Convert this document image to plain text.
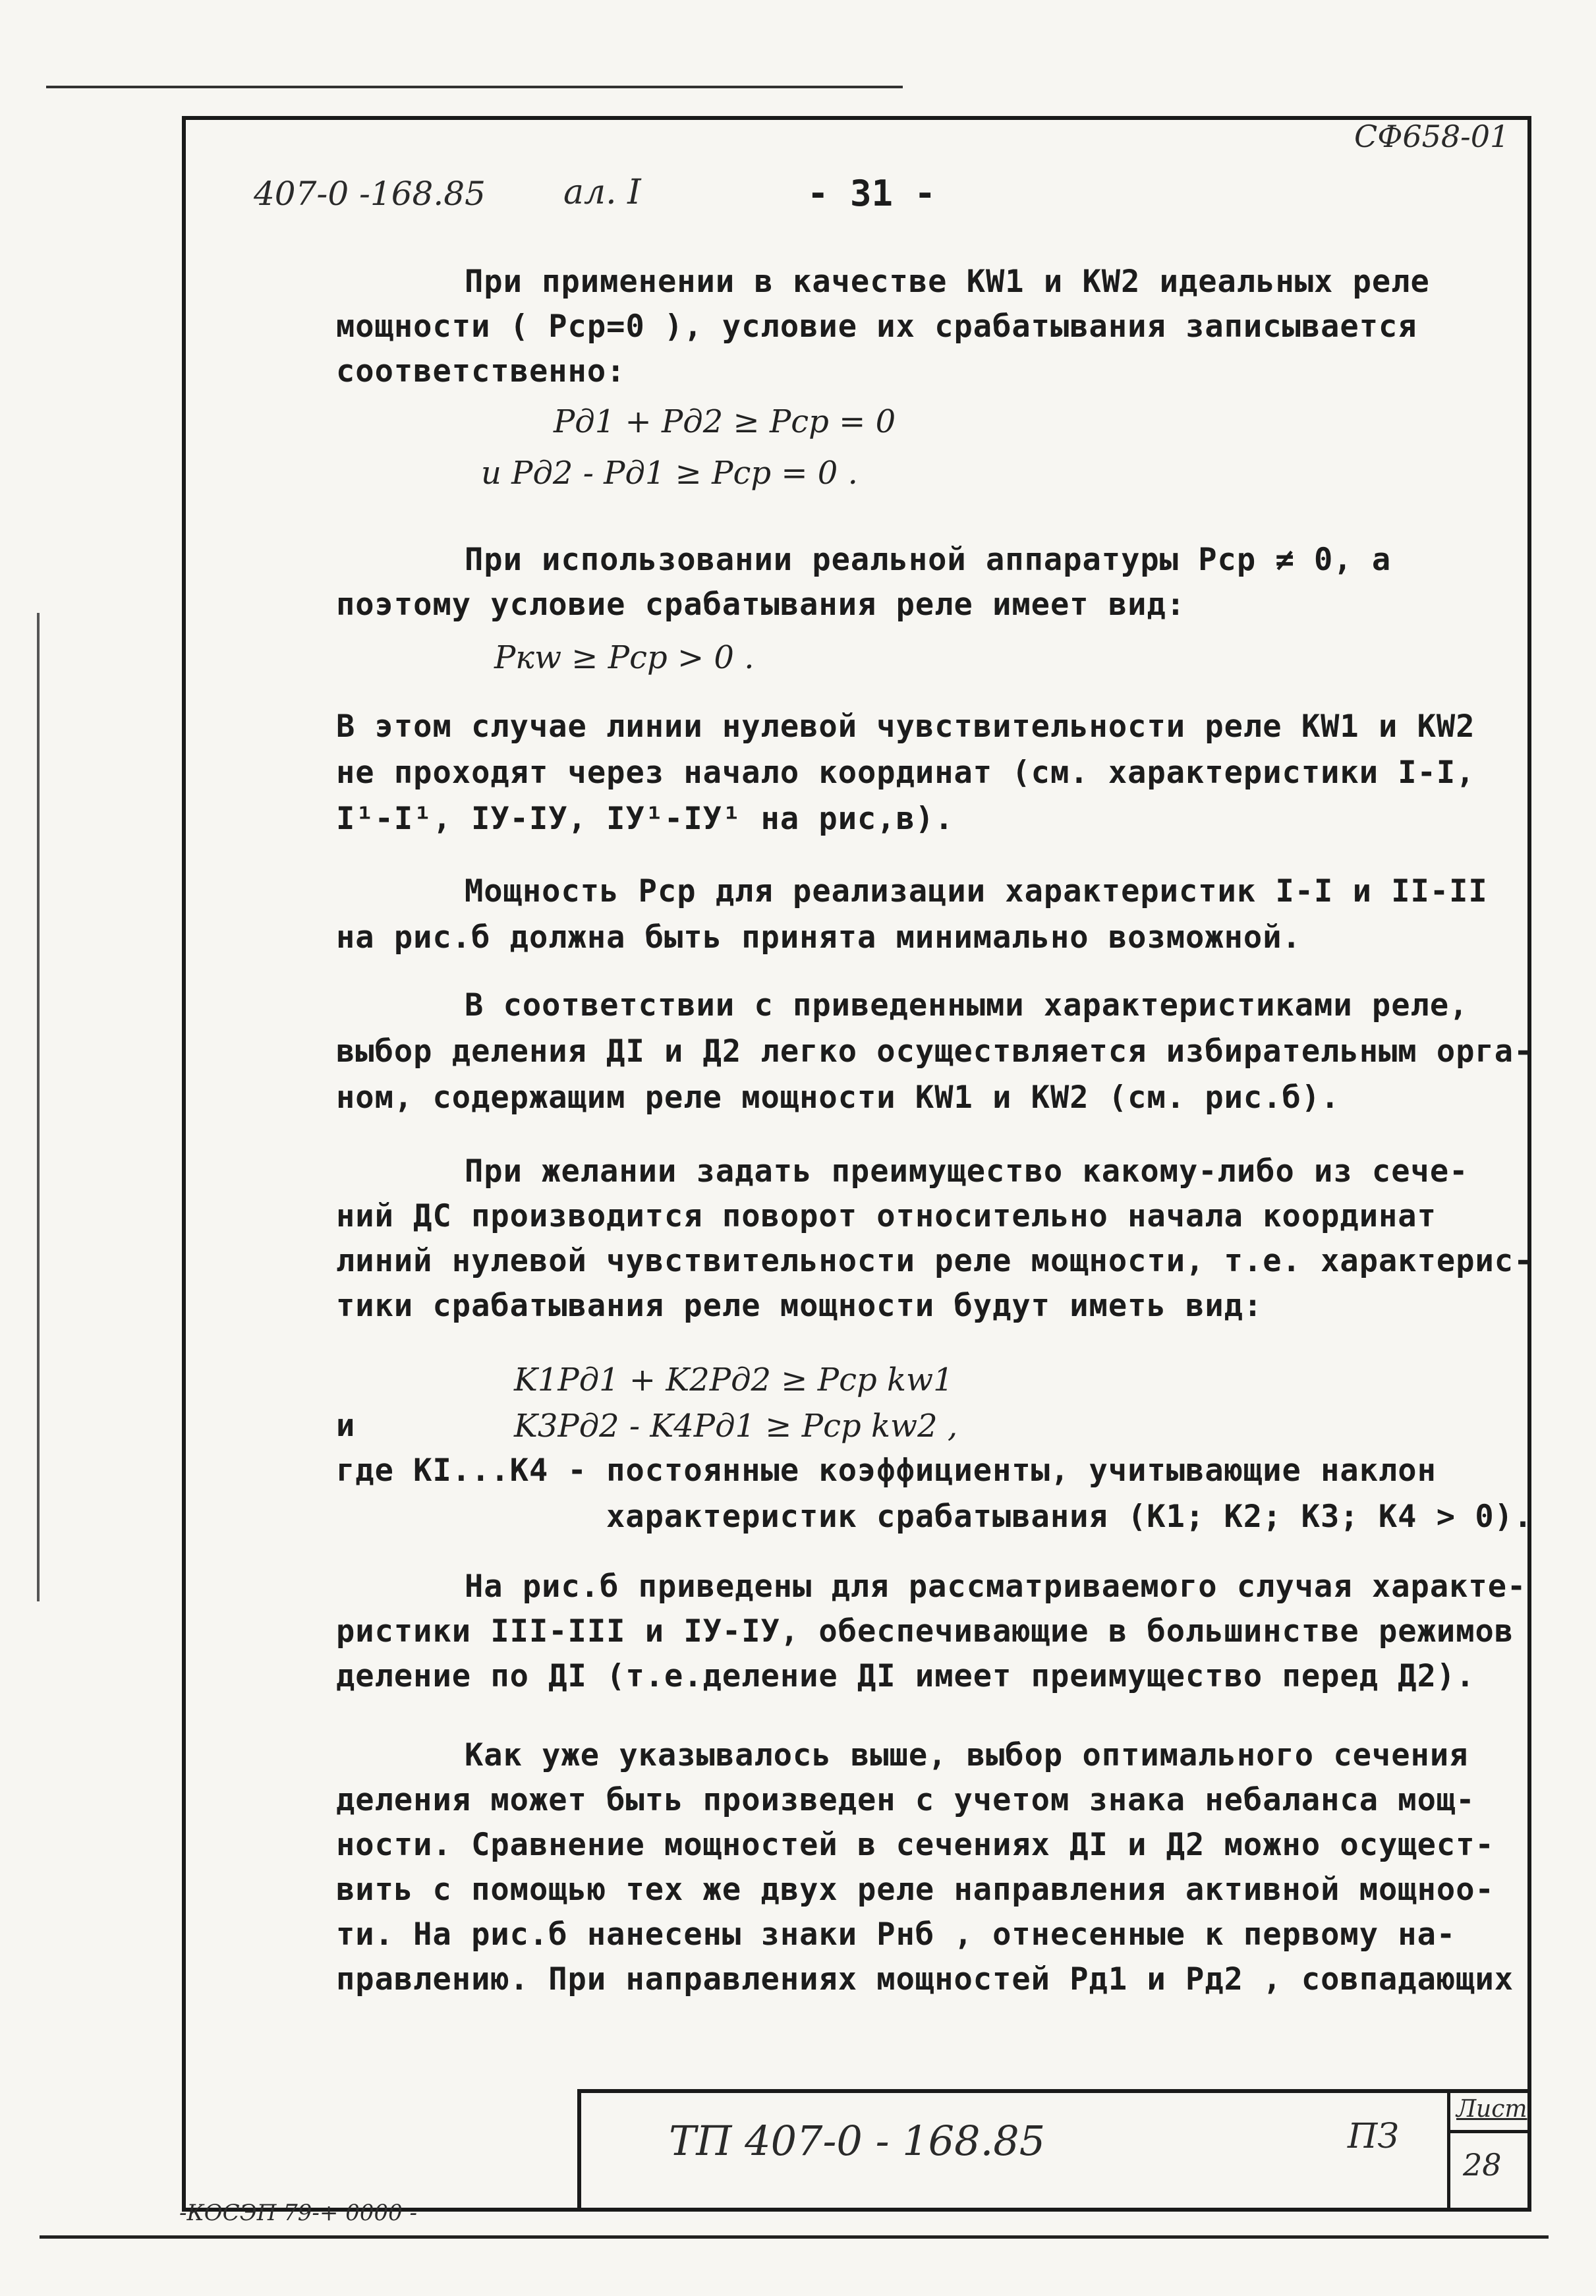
СФ658-01
407-0 -168.85 ал. I	- 31 -
При применении в качестве KW1 и KW2 идеальных реле
мощности ( Pср=0 ), условие их срабатывания записывается
соответственно:
Pд1 + Pд2 ≥ Pср = 0
и Pд2 - Pд1 ≥ Pср = 0 .
При использовании реальной аппаратуры Pср ≠ 0, а
поэтому условие срабатывания реле имеет вид:
Pкw ≥ Pср > 0 .
В этом случае линии нулевой чувствительности реле KW1 и KW2
не проходят через начало координат (см. характеристики I-I,
I¹-I¹, IУ-IУ, IУ¹-IУ¹ на рис,в).
Мощность Pср для реализации характеристик I-I и II-II
на рис.б должна быть принята минимально возможной.
В соответствии с приведенными характеристиками реле,
выбор деления ДI и Д2 легко осуществляется избирательным орга-
ном, содержащим реле мощности KW1 и KW2 (см. рис.б).
При желании задать преимущество какому-либо из сече-
ний ДС производится поворот относительно начала координат
линий нулевой чувствительности реле мощности, т.е. характерис-
тики срабатывания реле мощности будут иметь вид:
K1Pд1 + K2Pд2 ≥ Pср kw1
и	K3Pд2 - K4Pд1 ≥ Pср kw2 ,
где KI...K4 - постоянные коэффициенты, учитывающие наклон
характеристик срабатывания (K1; K2; K3; K4 > 0).
На рис.б приведены для рассматриваемого случая характе-
ристики III-III и IУ-IУ, обеспечивающие в большинстве режимов
деление по ДI (т.е.деление ДI имеет преимущество перед Д2).
Как уже указывалось выше, выбор оптимального сечения
деления может быть произведен с учетом знака небаланса мощ-
ности. Сравнение мощностей в сечениях ДI и Д2 можно осущест-
вить с помощью тех же двух реле направления активной мощноо-
ти. На рис.б нанесены знаки Pнб , отнесенные к первому на-
правлению. При направлениях мощностей Pд1 и Pд2 , совпадающих
ТП 407-0 - 168.85	ПЗ
Лист
28
-КОСЭП 79-+ 0000 -
